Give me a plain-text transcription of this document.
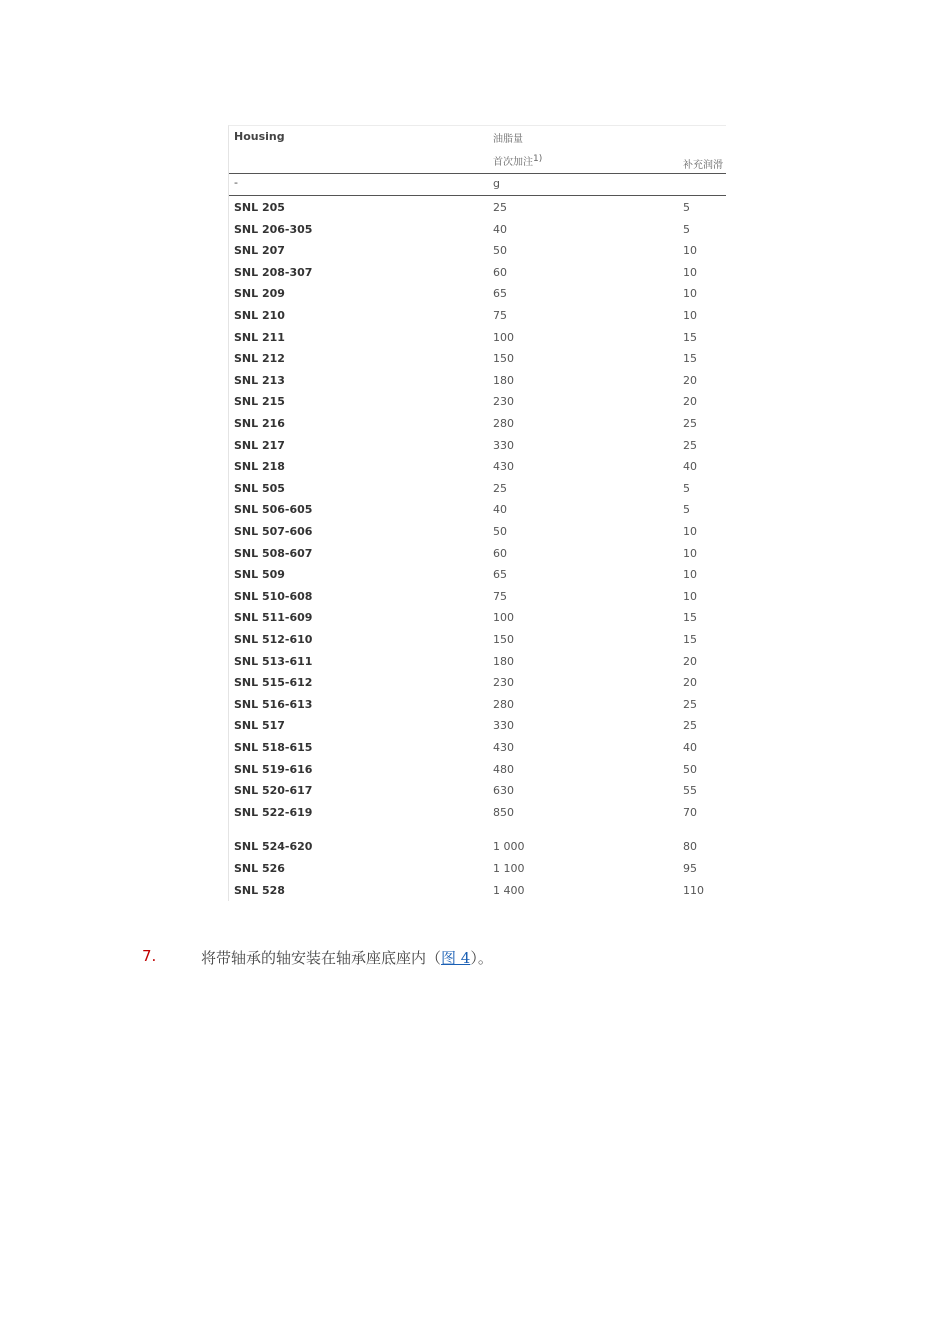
Housing	油脂量
首次加注$^{1)}$
补充润滑
-	g
SNL 205	25	5
SNL 206-305	40	5
SNL 207	50	10
SNL 208-307	60	10
SNL 209	65	10
SNL 210	75	10
SNL 211	100	15
SNL 212	150	15
SNL 213	180	20
SNL 215	230	20
SNL 216	280	25
SNL 217	330	25
SNL 218	430	40
SNL 505	25	5
SNL 506-605	40	5
SNL 507-606	50	10
SNL 508-607	60	10
SNL 509	65	10
SNL 510-608	75	10
SNL 511-609	100	15
SNL 512-610	150	15
SNL 513-611	180	20
SNL 515-612	230	20
SNL 516-613	280	25
SNL 517	330	25
SNL 518-615	430	40
SNL 519-616	480	50
SNL 520-617	630	55
SNL 522-619	850	70
SNL 524-620	1 000	80
SNL 526	1 100	95
SNL 528	1 400	110
7.	将带轴承的轴安装在轴承座底座内（图 4）。
